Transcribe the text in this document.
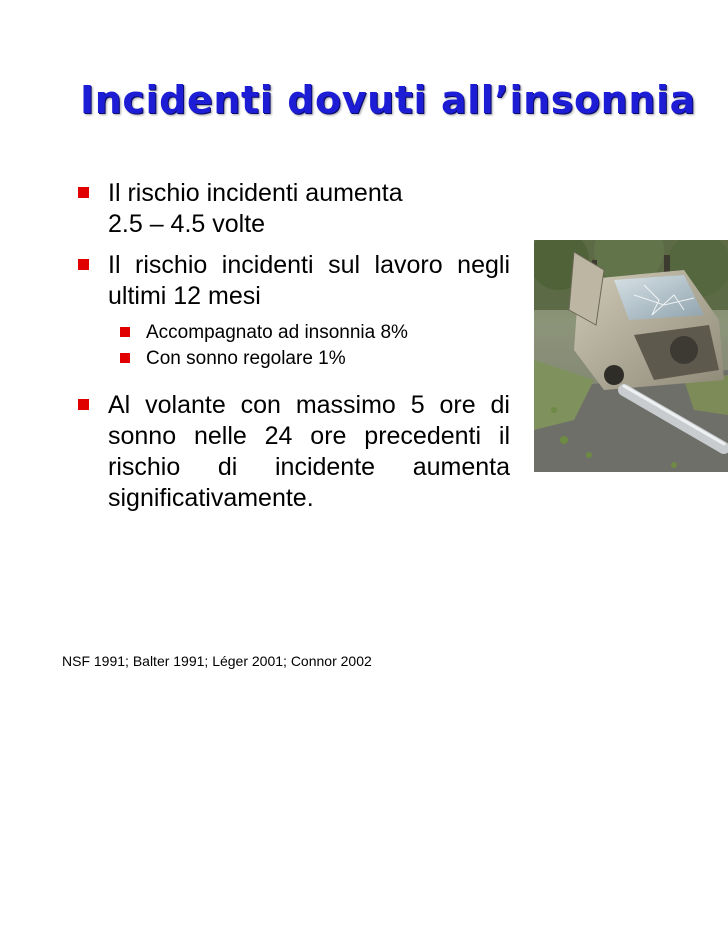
Incidenti dovuti all’insonnia
Il rischio incidenti aumenta
2.5 – 4.5 volte
Il rischio incidenti sul lavoro negli ultimi 12 mesi
Accompagnato ad insonnia 8%
Con sonno regolare 1%
Al volante con massimo 5 ore di sonno nelle 24 ore precedenti il rischio di incidente aumenta significativamente.
NSF 1991; Balter 1991; Léger 2001; Connor 2002
